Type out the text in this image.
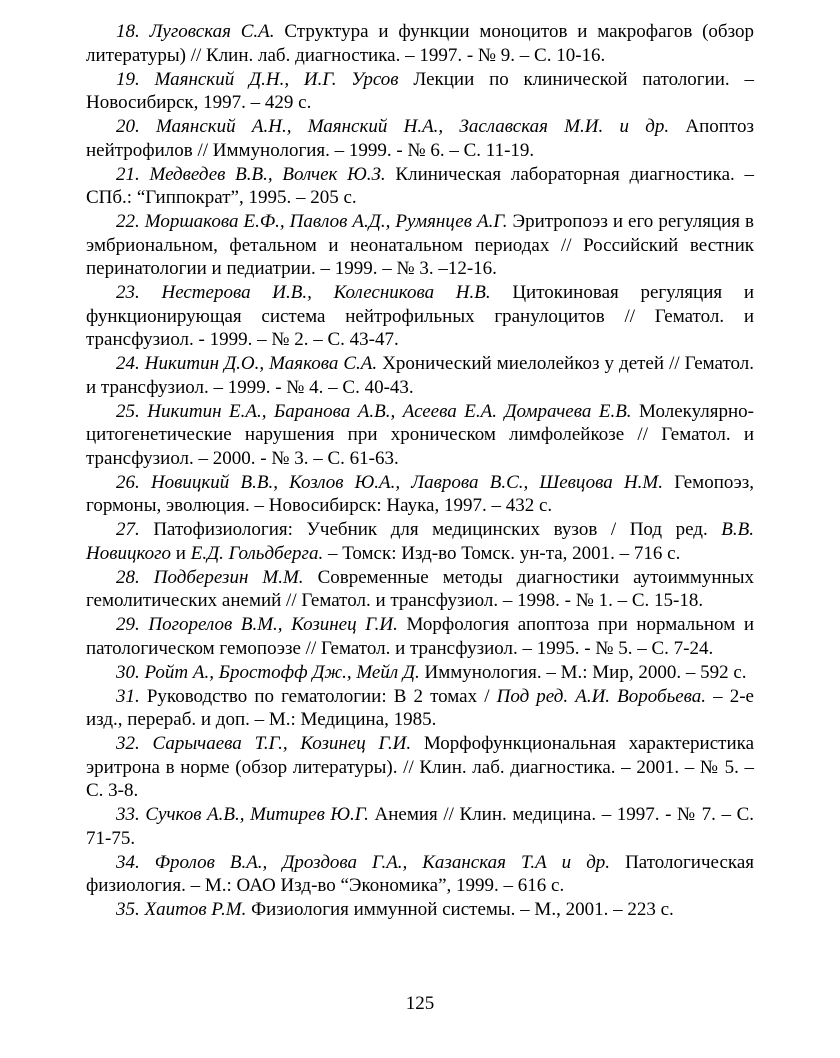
18. Луговская С.А. Структура и функции моноцитов и макрофагов (обзор литературы) // Клин. лаб. диагностика. – 1997. - № 9. – С. 10-16.

19. Маянский Д.Н., И.Г. Урсов Лекции по клинической патологии. – Новосибирск, 1997. – 429 с.

20. Маянский А.Н., Маянский Н.А., Заславская М.И. и др. Апоптоз нейтрофилов // Иммунология. – 1999. - № 6. – С. 11-19.

21. Медведев В.В., Волчек Ю.З. Клиническая лабораторная диагностика. – СПб.: “Гиппократ”, 1995. – 205 с.

22. Моршакова Е.Ф., Павлов А.Д., Румянцев А.Г. Эритропоэз и его регуляция в эмбриональном, фетальном и неонатальном периодах // Российский вестник перинатологии и педиатрии. – 1999. – № 3. –12-16.

23. Нестерова И.В., Колесникова Н.В. Цитокиновая регуляция и функционирующая система нейтрофильных гранулоцитов // Гематол. и трансфузиол. - 1999. – № 2. – С. 43-47.

24. Никитин Д.О., Маякова С.А. Хронический миелолейкоз у детей // Гематол. и трансфузиол. – 1999. - № 4. – С. 40-43.

25. Никитин Е.А., Баранова А.В., Асеева Е.А. Домрачева Е.В. Молекулярно-цитогенетические нарушения при хроническом лимфолейкозе // Гематол. и трансфузиол. – 2000. - № 3. – С. 61-63.

26. Новицкий В.В., Козлов Ю.А., Лаврова В.С., Шевцова Н.М. Гемопоэз, гормоны, эволюция. – Новосибирск: Наука, 1997. – 432 с.

27. Патофизиология: Учебник для медицинских вузов / Под ред. В.В. Новицкого и Е.Д. Гольдберга. – Томск: Изд-во Томск. ун-та, 2001. – 716 с.

28. Подберезин М.М. Современные методы диагностики аутоиммунных гемолитических анемий // Гематол. и трансфузиол. – 1998. - № 1. – С. 15-18.

29. Погорелов В.М., Козинец Г.И. Морфология апоптоза при нормальном и патологическом гемопоэзе // Гематол. и трансфузиол. – 1995. - № 5. – С. 7-24.

30. Ройт А., Бростофф Дж., Мейл Д. Иммунология. – М.: Мир, 2000. – 592 с.

31. Руководство по гематологии: В 2 томах / Под ред. А.И. Воробьева. – 2-е изд., перераб. и доп. – М.: Медицина, 1985.

32. Сарычаева Т.Г., Козинец Г.И. Морфофункциональная характеристика эритрона в норме (обзор литературы). // Клин. лаб. диагностика. – 2001. – № 5. – С. 3-8.

33. Сучков А.В., Митирев Ю.Г. Анемия // Клин. медицина. – 1997. - № 7. – С. 71-75.

34. Фролов В.А., Дроздова Г.А., Казанская Т.А и др. Патологическая физиология. – М.: ОАО Изд-во “Экономика”, 1999. – 616 с.

35. Хаитов Р.М. Физиология иммунной системы. – М., 2001. – 223 с.

125
